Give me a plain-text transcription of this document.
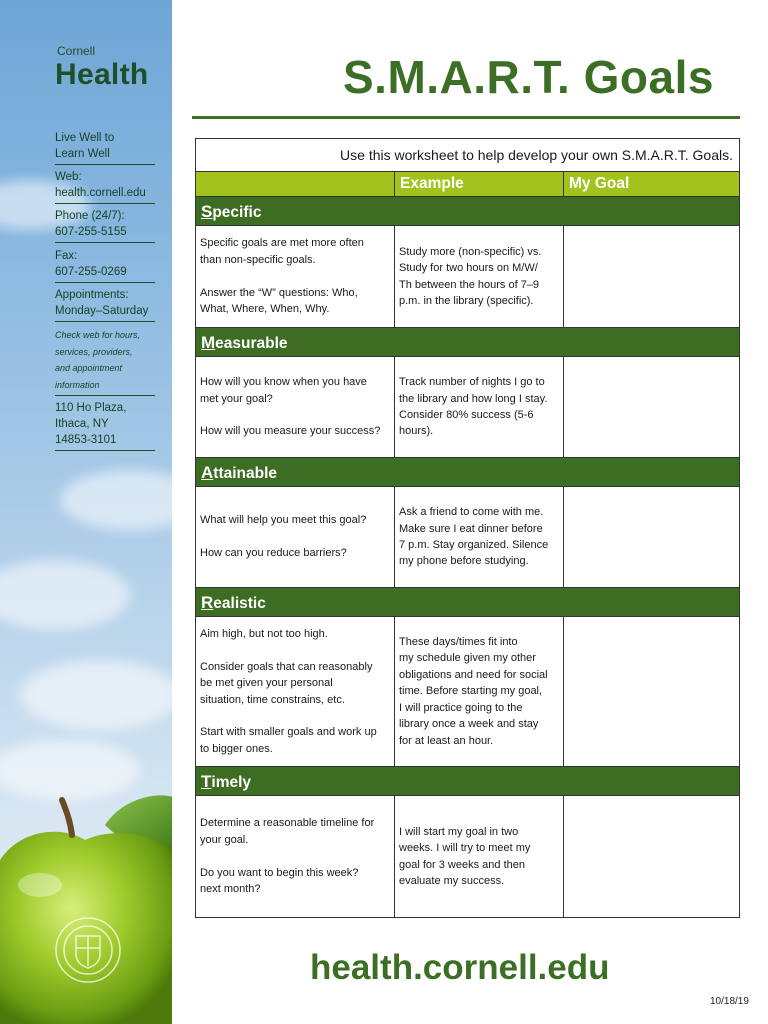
Cornell
Health
Live Well to
Learn Well
Web:
health.cornell.edu
Phone (24/7):
607-255-5155
Fax:
607-255-0269
Appointments:
Monday–Saturday
Check web for hours,
services, providers,
and appointment
information
110 Ho Plaza,
Ithaca, NY
14853-3101
S.M.A.R.T. Goals
Use this worksheet to help develop your own S.M.A.R.T. Goals.
Example	My Goal
Specific
Specific goals are met more often
than non-specific goals.
Answer the “W” questions: Who,
What, Where, When, Why.
Study more (non-specific) vs.
Study for two hours on M/W/
Th between the hours of 7–9
p.m. in the library (specific).
Measurable
How will you know when you have
met your goal?
How will you measure your success?
Track number of nights I go to
the library and how long I stay.
Consider 80% success (5-6
hours).
Attainable
What will help you meet this goal?
How can you reduce barriers?
Ask a friend to come with me.
Make sure I eat dinner before
7 p.m. Stay organized. Silence
my phone before studying.
Realistic
Aim high, but not too high.
Consider goals that can reasonably
be met given your personal
situation, time constrains, etc.
Start with smaller goals and work up
to bigger ones.
These days/times fit into
my schedule given my other
obligations and need for social
time. Before starting my goal,
I will practice going to the
library once a week and stay
for at least an hour.
Timely
Determine a reasonable timeline for
your goal.
Do you want to begin this week?
next month?
I will start my goal in two
weeks. I will try to meet my
goal for 3 weeks and then
evaluate my success.
health.cornell.edu
10/18/19
